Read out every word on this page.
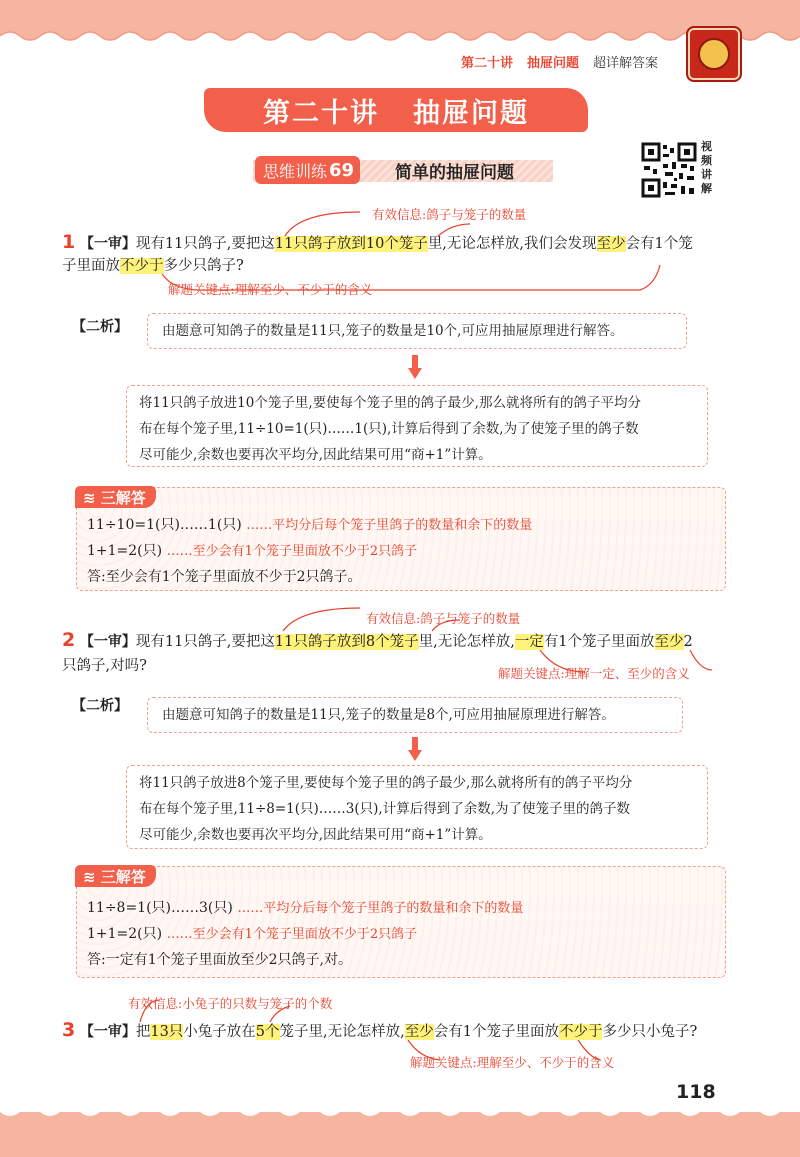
第二十讲 抽屉问题 超详解答案
第二十讲 抽屉问题
思维训练 69 简单的抽屉问题
视频讲解
有效信息:鸽子与笼子的数量
1 【一审】现有11只鸽子,要把这11只鸽子放到10个笼子里,无论怎样放,我们会发现至少会有1个笼
子里面放不少于多少只鸽子?
解题关键点:理解至少、不少于的含义
【二析】	由题意可知鸽子的数量是11只,笼子的数量是10个,可应用抽屉原理进行解答。
将11只鸽子放进10个笼子里,要使每个笼子里的鸽子最少,那么就将所有的鸽子平均分
布在每个笼子里,11÷10=1(只)……1(只),计算后得到了余数,为了使笼子里的鸽子数
尽可能少,余数也要再次平均分,因此结果可用“商+1”计算。
≋ 三解答
11÷10=1(只)……1(只) ……平均分后每个笼子里鸽子的数量和余下的数量
1+1=2(只) ……至少会有1个笼子里面放不少于2只鸽子
答:至少会有1个笼子里面放不少于2只鸽子。
有效信息:鸽子与笼子的数量
2 【一审】现有11只鸽子,要把这11只鸽子放到8个笼子里,无论怎样放,一定有1个笼子里面放至少2
只鸽子,对吗?	解题关键点:理解一定、至少的含义
【二析】
由题意可知鸽子的数量是11只,笼子的数量是8个,可应用抽屉原理进行解答。
将11只鸽子放进8个笼子里,要使每个笼子里的鸽子最少,那么就将所有的鸽子平均分
布在每个笼子里,11÷8=1(只)……3(只),计算后得到了余数,为了使笼子里的鸽子数
尽可能少,余数也要再次平均分,因此结果可用“商+1”计算。
≋ 三解答
11÷8=1(只)……3(只) ……平均分后每个笼子里鸽子的数量和余下的数量
1+1=2(只) ……至少会有1个笼子里面放不少于2只鸽子
答:一定有1个笼子里面放至少2只鸽子,对。
有效信息:小兔子的只数与笼子的个数
3 【一审】把13只小兔子放在5个笼子里,无论怎样放,至少会有1个笼子里面放不少于多少只小兔子?
解题关键点:理解至少、不少于的含义
118
